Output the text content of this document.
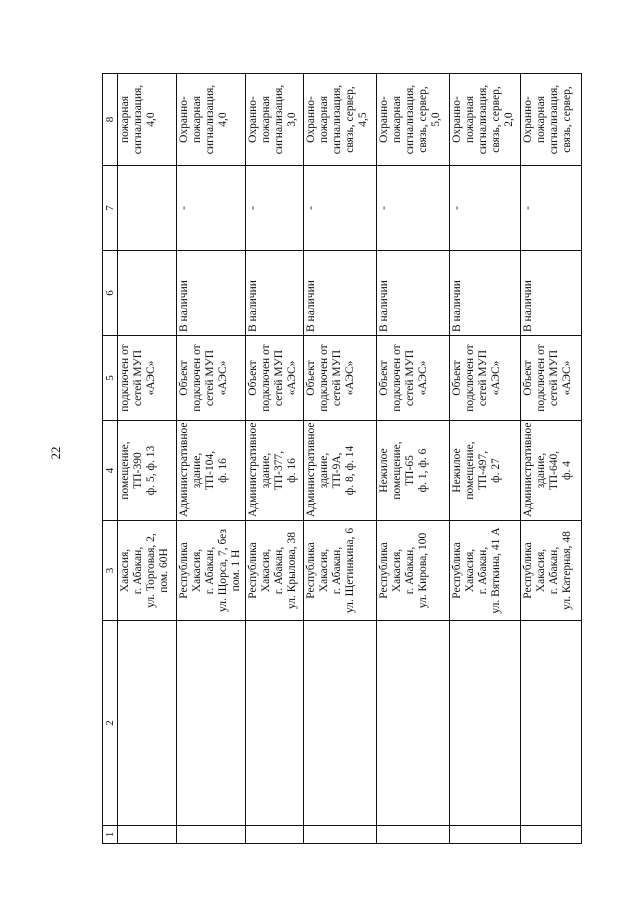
22
1	2	3	4	5	6	7	8

		Хакасия, г. Абакан, ул. Торговая, 2, пом. 60Н	помещение, ТП-390 ф. 5, ф. 13	подключен от сетей МУП «АЭС»			пожарная сигнализация, 4,0

		Республика Хакасия, г. Абакан, ул. Щорса, 7, без пом. 1 Н	Административное здание, ТП-104, ф. 16	Объект подключен от сетей МУП «АЭС»	В наличии	-	Охранно- пожарная сигнализация, 4,0

		Республика Хакасия, г. Абакан, ул. Крылова, 38	Административное здание, ТП-377, ф. 16	Объект подключен от сетей МУП «АЭС»	В наличии	-	Охранно- пожарная сигнализация, 3,0

		Республика Хакасия, г. Абакан, ул. Щетинкина, 6	Административное здание, ТП-9А, ф. 8, ф. 14	Объект подключен от сетей МУП «АЭС»	В наличии	-	Охранно- пожарная сигнализация, связь, сервер, 4,5

		Республика Хакасия, г. Абакан, ул. Кирова, 100	Нежилое помещение, ТП-65 ф. 1, ф. 6	Объект подключен от сетей МУП «АЭС»	В наличии	-	Охранно- пожарная сигнализация, связь, сервер, 5,0

		Республика Хакасия, г. Абакан, ул. Вяткина, 41 А	Нежилое помещение, ТП-497, ф. 27	Объект подключен от сетей МУП «АЭС»	В наличии	-	Охранно- пожарная сигнализация, связь, сервер, 2,0

		Республика Хакасия, г. Абакан, ул. Катерная, 48	Административное здание, ТП-640, ф. 4	Объект подключен от сетей МУП «АЭС»	В наличии	-	Охранно- пожарная сигнализация, связь, сервер,
